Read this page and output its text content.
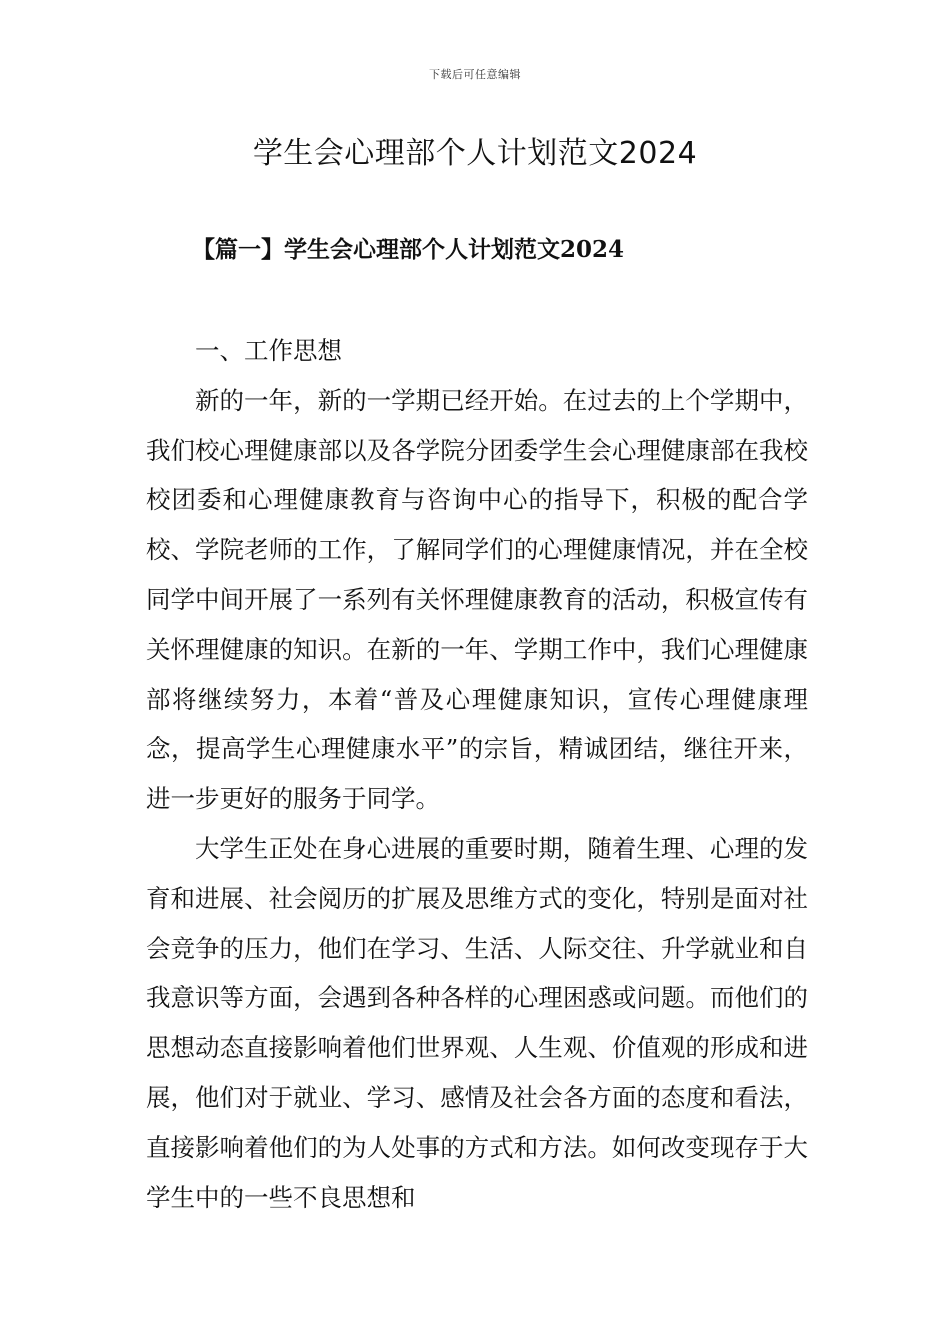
下载后可任意编辑
学生会心理部个人计划范文2024
【篇一】学生会心理部个人计划范文2024

一、工作思想

新的一年，新的一学期已经开始。在过去的上个学期中，我们校心理健康部以及各学院分团委学生会心理健康部在我校校团委和心理健康教育与咨询中心的指导下，积极的配合学校、学院老师的工作，了解同学们的心理健康情况，并在全校同学中间开展了一系列有关怀理健康教育的活动，积极宣传有关怀理健康的知识。在新的一年、学期工作中，我们心理健康部将继续努力，本着“普及心理健康知识，宣传心理健康理念，提高学生心理健康水平”的宗旨，精诚团结，继往开来，进一步更好的服务于同学。

大学生正处在身心进展的重要时期，随着生理、心理的发育和进展、社会阅历的扩展及思维方式的变化，特别是面对社会竞争的压力，他们在学习、生活、人际交往、升学就业和自我意识等方面，会遇到各种各样的心理困惑或问题。而他们的思想动态直接影响着他们世界观、人生观、价值观的形成和进展，他们对于就业、学习、感情及社会各方面的态度和看法，直接影响着他们的为人处事的方式和方法。如何改变现存于大学生中的一些不良思想和
